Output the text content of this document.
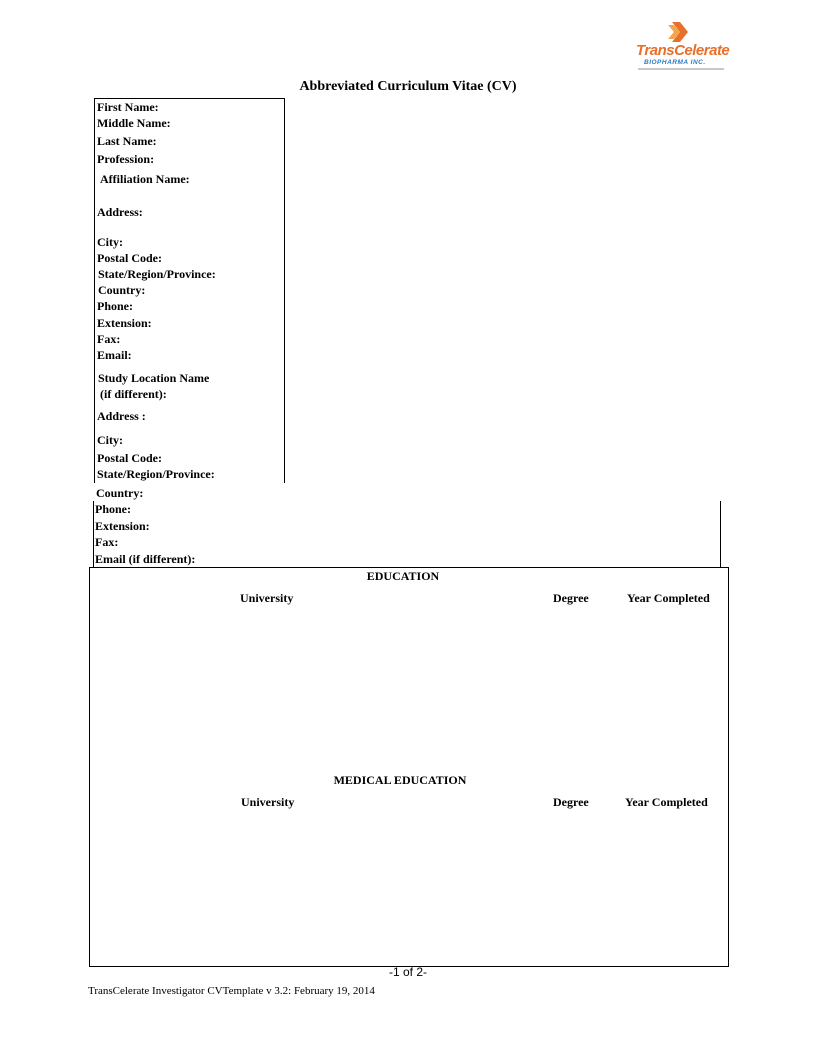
TransCelerate
BIOPHARMA INC.
Abbreviated Curriculum Vitae (CV)
First Name:
Middle Name:
Last Name:
Profession:
Affiliation Name:
Address:
City:
Postal Code:
State/Region/Province:
Country:
Phone:
Extension:
Fax:
Email:
Study Location Name
(if different):
Address :
City:
Postal Code:
State/Region/Province:
Country:
Phone:
Extension:
Fax:
Email (if different):
EDUCATION
University	Degree	Year Completed
MEDICAL EDUCATION
University	Degree	Year Completed
-1 of 2-
TransCelerate Investigator CVTemplate v 3.2: February 19, 2014
